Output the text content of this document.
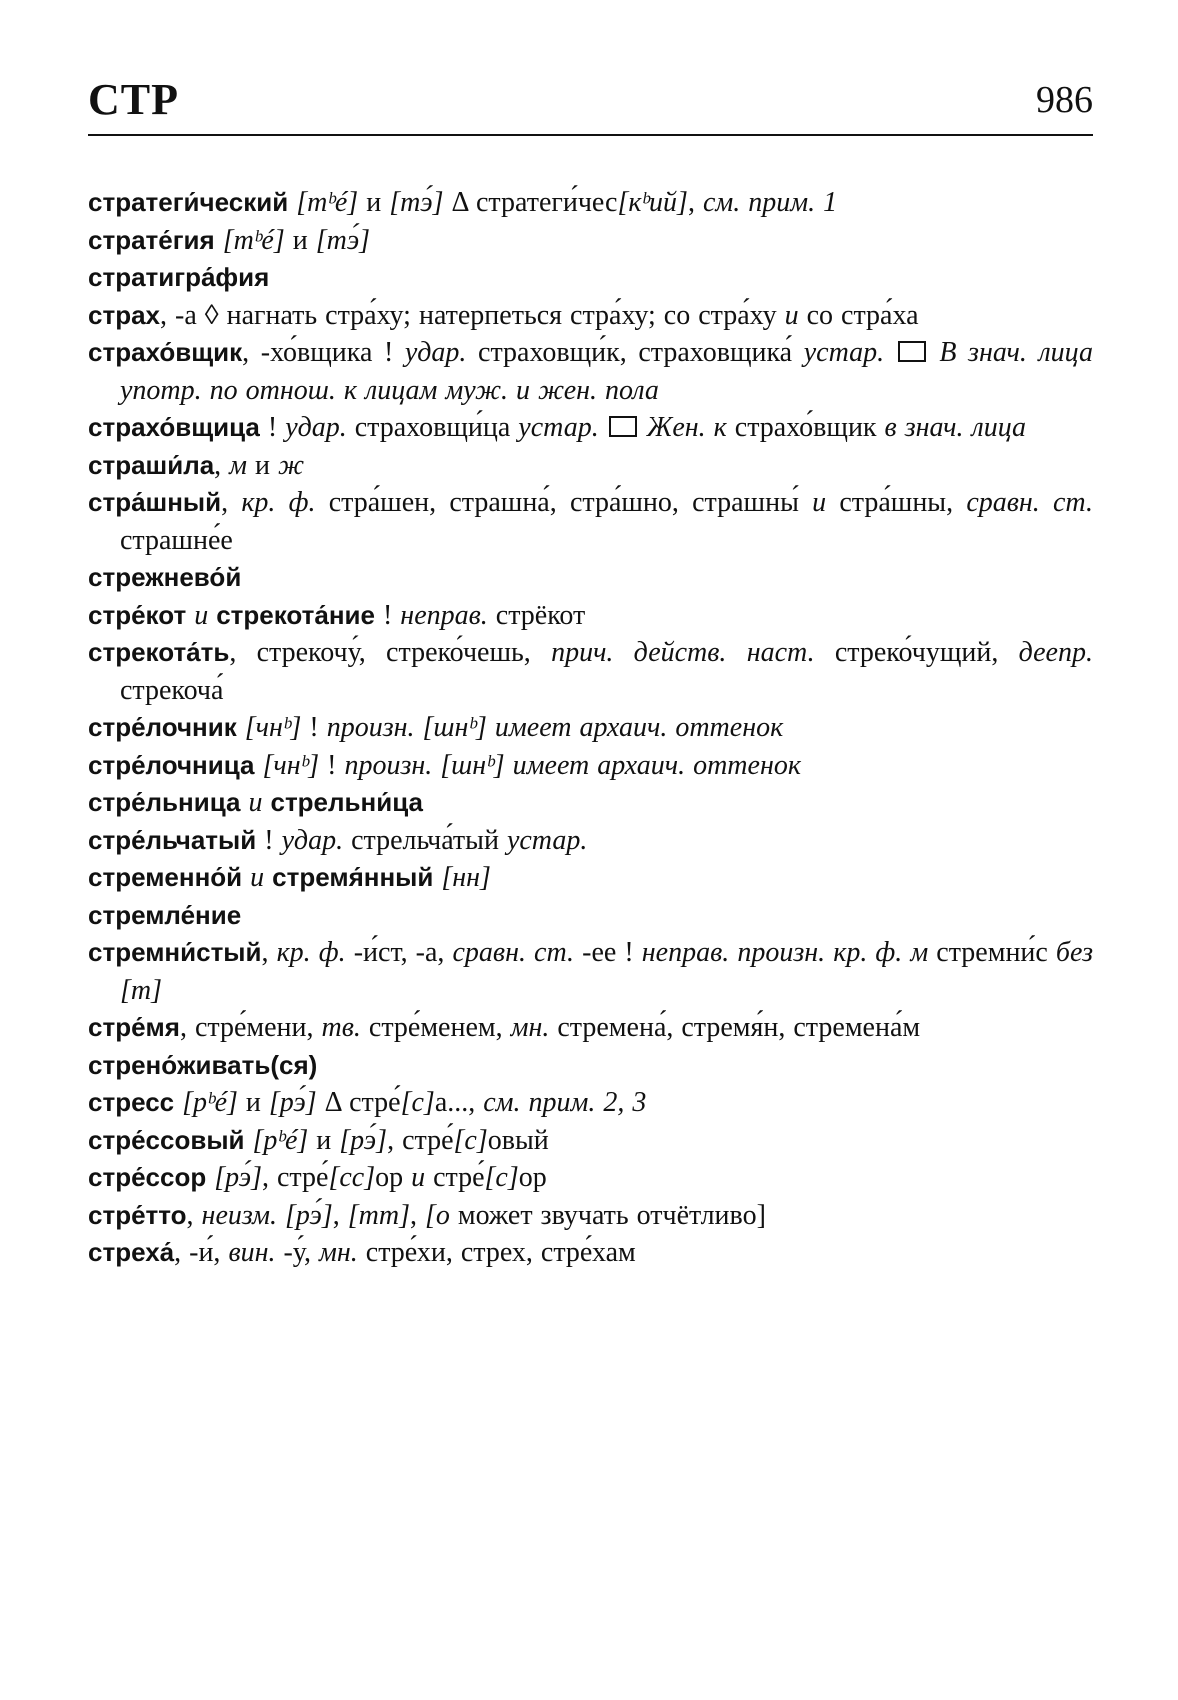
СТР	986
стратеги́ческий [тᵇé] и [тэ́] Δ стратеги́чес[кᵇий], см. прим. 1
страте́гия [тᵇé] и [тэ́]
стратигра́фия
страх, -а ◊ нагнать стра́ху; натерпеться стра́ху; со стра́ху и со стра́ха
страхо́вщик, -хо́вщика ! удар. страховщи́к, страховщика́ устар. В знач. лица употр. по отнош. к лицам муж. и жен. пола
страхо́вщица ! удар. страховщи́ца устар. Жен. к страхо́вщик в знач. лица
страши́ла, м и ж
стра́шный, кр. ф. стра́шен, страшна́, стра́шно, страшны́ и стра́шны, сравн. ст. страшне́е
стрежнево́й
стре́кот и стрекота́ние ! неправ. стрёкот
стрекота́ть, стрекочу́, стреко́чешь, прич. действ. наст. стреко́чущий, деепр. стрекоча́
стре́лочник [чнᵇ] ! произн. [шнᵇ] имеет архаич. оттенок
стре́лочница [чнᵇ] ! произн. [шнᵇ] имеет архаич. оттенок
стре́льница и стрельни́ца
стре́льчатый ! удар. стрельча́тый устар.
стременно́й и стремя́нный [нн]
стремле́ние
стремни́стый, кр. ф. -и́ст, -а, сравн. ст. -ее ! неправ. произн. кр. ф. м стремни́с без [т]
стре́мя, стре́мени, тв. стре́менем, мн. стремена́, стремя́н, стремена́м
стрено́живать(ся)
стресс [рᵇé] и [рэ́] Δ стре́[с]а..., см. прим. 2, 3
стре́ссовый [рᵇé] и [рэ́], стре́[с]овый
стре́ссор [рэ́], стре́[сс]ор и стре́[с]ор
стре́тто, неизм. [рэ́], [тт], [о может звучать отчётливо]
стреха́, -и́, вин. -у́, мн. стре́хи, стрех, стре́хам
